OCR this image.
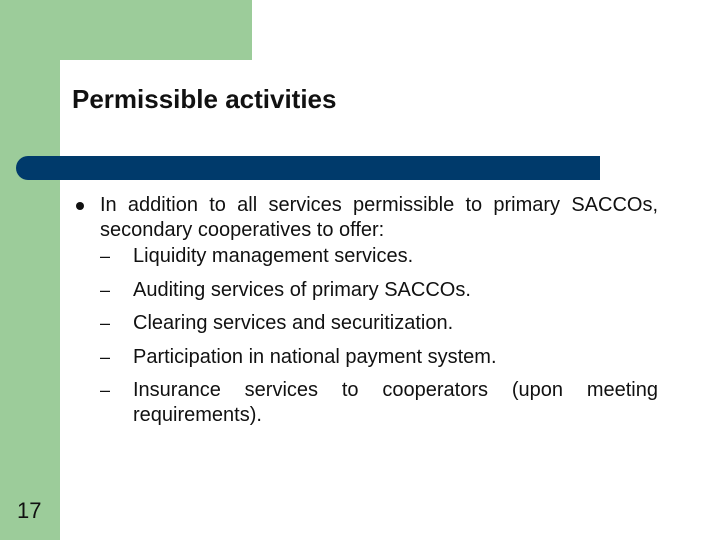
Permissible activities
In addition to all services permissible to primary SACCOs, secondary cooperatives to offer:
– Liquidity management services.
– Auditing services of primary SACCOs.
– Clearing services and securitization.
– Participation in national payment system.
– Insurance services to cooperators (upon meeting requirements).
17
